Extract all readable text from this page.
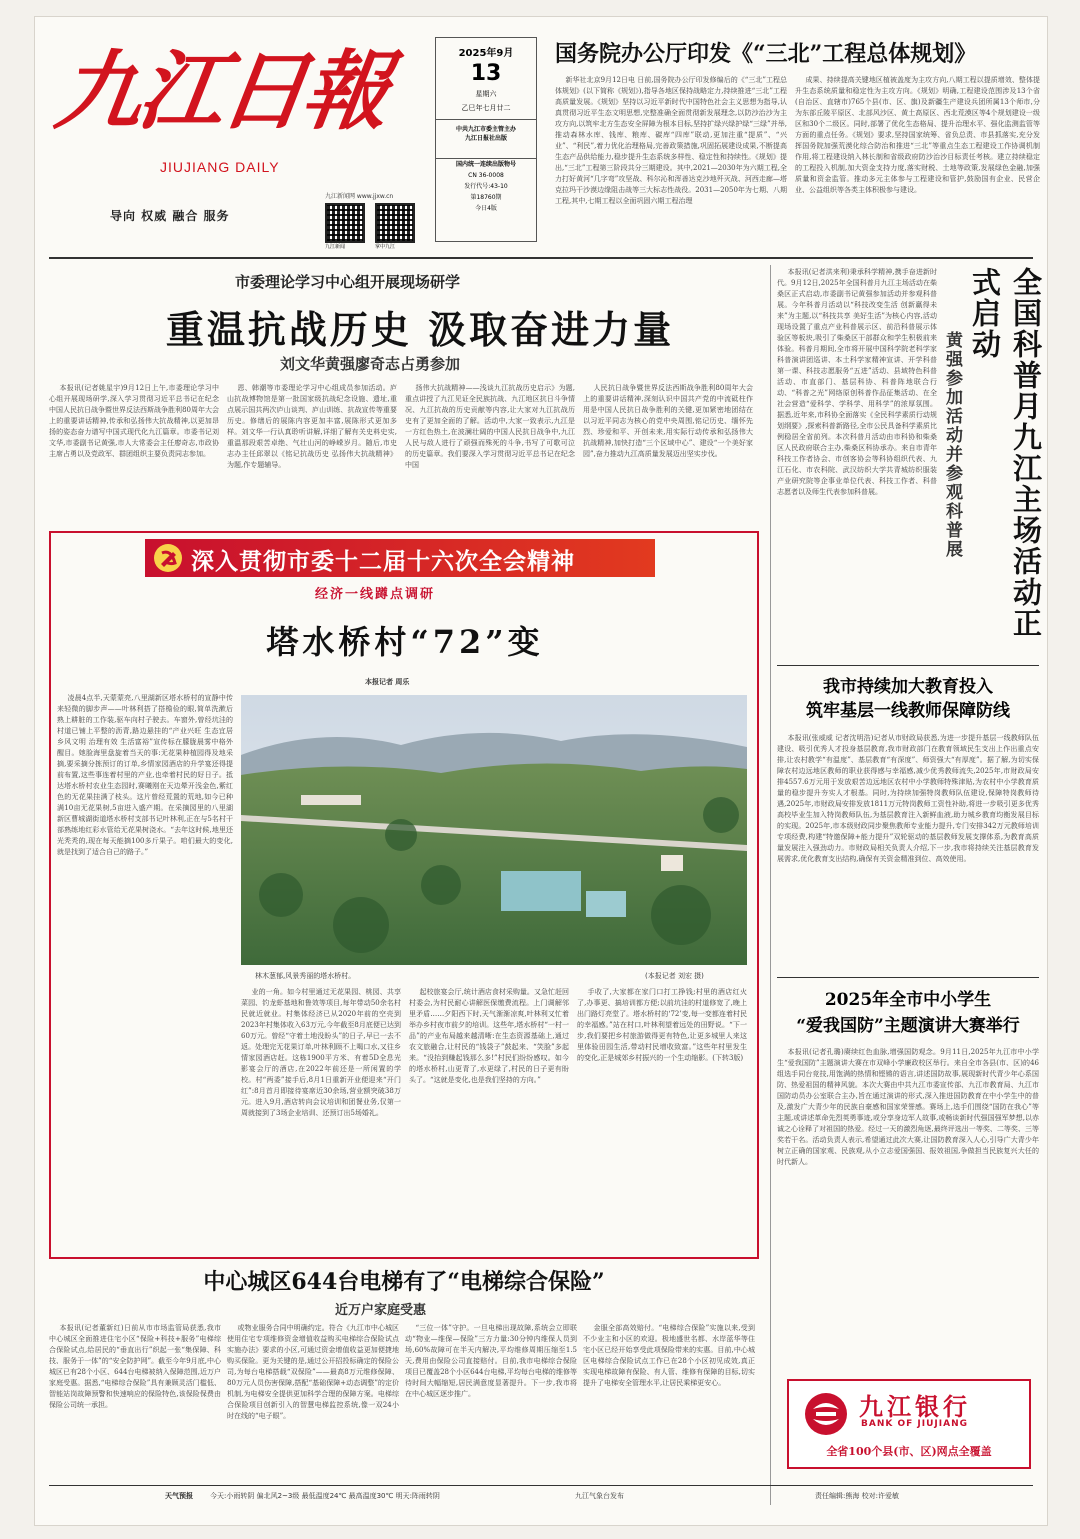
九江日報
JIUJIANG DAILY
导向 权威 融合 服务
2025年9月
13
星期六
乙巳年七月廿二
中共九江市委主管主办
九江日报社出版
国内统一连续出版物号
CN 36-0008
发行代号:43-10
第18760期
今日4版
九江新闻网 www.jjxw.cn
九江新闻	掌中九江
国务院办公厅印发《“三北”工程总体规划》
新华社北京9月12日电 日前,国务院办公厅印发修编后的《“三北”工程总体规划》(以下简称《规划》),指导各地区保持战略定力,持续推进“三北”工程高质量发展。《规划》坚持以习近平新时代中国特色社会主义思想为指导,认真贯彻习近平生态文明思想,完整准确全面贯彻新发展理念,以防沙治沙为主攻方向,以筑牢北方生态安全屏障为根本目标,坚持扩绿兴绿护绿“三绿”并举,推动森林水库、钱库、粮库、碳库“四库”联动,更加注重“提质”、“兴业”、“利民”,着力优化治理格局,完善政策措施,巩固拓展建设成果,不断提高生态产品供给能力,稳步提升生态系统多样性、稳定性和持续性。《规划》提出,“三北”工程第三阶段共分三期建设。其中,2021—2030年为六期工程,全力打好黄河“几字弯”攻坚战、科尔沁和浑善达克沙地歼灭战、河西走廊—塔克拉玛干沙漠边缘阻击战等三大标志性战役。2031—2050年为七期、八期工程,其中,七期工程以全面巩固六期工程治理
成果、持续提高关键地区植被盖度为主攻方向,八期工程以提质增效、整体提升生态系统质量和稳定性为主攻方向。《规划》明确,工程建设范围涉及13个省(自治区、直辖市)765个县(市、区、旗)及新疆生产建设兵团所属13个师市,分为东部丘陵平原区、北部风沙区、黄土高原区、西北荒漠区等4个规划建设一级区和30个二级区。同时,部署了优化生态格局、提升治理水平、强化监测监管等方面的重点任务。《规划》要求,坚持国家统筹、省负总责、市县抓落实,充分发挥国务院加强荒漠化综合防治和推进“三北”等重点生态工程建设工作协调机制作用,将工程建设纳入林长制和省级政府防沙治沙目标责任考核。建立持续稳定的工程投入机制,加大资金支持力度,落实财税、土地等政策,发展绿色金融,加强质量和资金监管。推动多元主体参与工程建设和管护,鼓励国有企业、民营企业、公益组织等各类主体积极参与建设。
市委理论学习中心组开展现场研学
重温抗战历史 汲取奋进力量
刘文华黄强廖奇志占勇参加
本报讯(记者姚星宇)9月12日上午,市委理论学习中心组开展现场研学,深入学习贯彻习近平总书记在纪念中国人民抗日战争暨世界反法西斯战争胜利80周年大会上的重要讲话精神,传承和弘扬伟大抗战精神,以更加昂扬的姿态奋力谱写中国式现代化九江篇章。市委书记刘文华,市委副书记黄强,市人大常委会主任廖奇志,市政协主席占勇以及党政军、群团组织主要负责同志参加。
恩、韩潮等市委理论学习中心组成员参加活动。庐山抗战博物馆是第一批国家级抗战纪念设施、遗址,重点展示国共两次庐山谈判、庐山训练、抗战宣传等重要历史。修缮后的展陈内容更加丰富,展陈形式更加多样。刘文华一行认真聆听讲解,详细了解有关史料史实,重温那段艰苦卓绝、气壮山河的峥嵘岁月。随后,市史志办主任邱翠以《铭记抗战历史 弘扬伟大抗战精神》为题,作专题辅导。
扬伟大抗战精神——浅谈九江抗战历史启示》为题,重点讲授了九江见证全民族抗战、九江地区抗日斗争情况、九江抗战的历史贡献等内容,让大家对九江抗战历史有了更加全面的了解。活动中,大家一致表示,九江是一方红色热土,在波澜壮阔的中国人民抗日战争中,九江人民与敌人进行了顽强而殊死的斗争,书写了可歌可泣的历史篇章。我们要深入学习贯彻习近平总书记在纪念中国
人民抗日战争暨世界反法西斯战争胜利80周年大会上的重要讲话精神,深刻认识中国共产党的中流砥柱作用是中国人民抗日战争胜利的关键,更加紧密地团结在以习近平同志为核心的党中央周围,铭记历史、缅怀先烈、珍爱和平、开创未来,用实际行动传承和弘扬伟大抗战精神,加快打造“三个区域中心”、建设“一个美好家园”,奋力推动九江高质量发展迈出坚实步伐。
本报讯(记者洪来利)秉承科学精神,携手奋进新时代。9月12日,2025年全国科普月九江主场活动在柴桑区正式启动,市委副书记黄强参加活动并参观科普展。今年科普月活动以“科技改变生活 创新赢得未来”为主题,以“科技共享 美好生活”为核心内容,活动现场设置了重点产业科普展示区、前沿科普展示体验区等板块,吸引了柴桑区干部群众和学生积极前来体验。科普月期间,全市将开展中国科学院老科学家科普演讲团巡讲、本土科学家精神宣讲、开学科普第一课、科技志愿服务“五进”活动、县域特色科普活动、市直部门、基层科协、科普阵地联合行动、“科普之光”网络原创科普作品征集活动、在全社会营造“爱科学、学科学、用科学”的浓厚氛围。据悉,近年来,市科协全面落实《全民科学素质行动规划纲要》,探索科普新路径,全市公民具备科学素质比例稳居全省前列。本次科普月活动由市科协和柴桑区人民政府联合主办,柴桑区科协承办。来自市青年科技工作者协会、市创客协会等科协组织代表、九江石化、市农科院、武汉纺织大学共青城纺织服装产业研究院等企事业单位代表、科技工作者、科普志愿者以及师生代表参加科普展。	全国科普月九江主场活动正式启动
黄强参加活动并参观科普展
我市持续加大教育投入
筑牢基层一线教师保障防线
本报讯(张威威 记者沈明浩)记者从市财政局获悉,为进一步提升基层一线教师队伍建设、吸引优秀人才投身基层教育,我市财政部门在教育领域民生支出上作出重点安排,让农村教学“有温度”、基层教育“有深度”、师资强大“有厚度”。据了解,为切实保障农村边远地区教师的职业获得感与幸福感,减少优秀教师流失,2025年,市财政局安排4557.6万元用于发放艰苦边远地区农村中小学教师特殊津贴,为农村中小学教育质量的稳步提升夯实人才根基。同时,为持续加强特岗教师队伍建设,保障特岗教师待遇,2025年,市财政局安排发放1811万元特岗教师工资性补助,将进一步吸引更多优秀高校毕业生加入特岗教师队伍,为基层教育注入新鲜血液,助力城乡教育均衡发展目标的实现。2025年,市本级财政同步聚焦教师专业能力提升,专门安排342万元教师培训专项经费,构建“特邀保障+能力提升”双轮驱动的基层教师发展支撑体系,为教育高质量发展注入强劲动力。市财政局相关负责人介绍,下一步,我市将持续关注基层教育发展需求,优化教育支出结构,确保有关资金精准到位、高效使用。
2025年全市中小学生
“爱我国防”主题演讲大赛举行
本报讯(记者孔璐)赓续红色血脉,增强国防观念。9月11日,2025年九江市中小学生“爱我国防”主题演讲大赛在市双峰小学廉政校区举行。来自全市各县(市、区)的46组选手同台竞技,用饱满的热情和铿锵的语言,讲述国防故事,展现新时代青少年心系国防、热爱祖国的精神风貌。本次大赛由中共九江市委宣传部、九江市教育局、九江市国防动员办公室联合主办,旨在通过演讲的形式,深入推进国防教育在中小学生中的普及,激发广大青少年的民族自豪感和国家荣誉感。赛场上,选手们围绕“国防在我心”等主题,或讲述革命先烈英勇事迹,或分享身边军人故事,或畅谈新时代强国强军梦想,以赤诚之心诠释了对祖国的热爱。经过一天的激烈角逐,最终评选出一等奖、二等奖、三等奖若干名。活动负责人表示,希望通过此次大赛,让国防教育深入人心,引导广大青少年树立正确的国家观、民族观,从小立志爱国强国、报效祖国,争做担当民族复兴大任的时代新人。
九江银行
BANK OF JIUJIANG
全省100个县(市、区)网点全覆盖
深入贯彻市委十二届十六次全会精神
经济一线蹲点调研
塔水桥村“72”变
本报记者 周乐
凌晨4点半,天蒙蒙亮,八里湖新区塔水桥村的宣静中传来轻微的脚步声——叶林利搭了搭檐俭的眼,简单洗漱后熟上耕脏的工作装,驱车向村子驶去。车窗外,曾经坑洼的村道已铺上平整的沥青,路边悬挂的“产业兴旺 生态宜居 乡风文明 治理有效 生活富裕”宣传标在朦胧晨雾中格外醒目。她脸海里盘旋着当天的事:无花果种植园得及地采摘,要采摘分拣预订的订单,乡情家园酒店的升学宴还得提前布置,这些事连着村里的产业,也牵着村民的好日子。抵达塔水桥村农业生态园时,赛曦刚在天边晕开浅金色,紫红色的无花果挂满了枝头。这片曾经荒置的荒地,如今已种满10亩无花果树,5亩进入盛产期。在采摘园里的八里湖新区曹城湖街道塔水桥村支部书记叶林利,正在与5名村干部熟练地红彩水管给无花果树浇水。“去年这时候,地里还光秃秃的,现在每天能摘100多斤果子。咱们最大的变化,就是找到了适合自己的路子。”
林木葱郁,风景秀丽的塔水桥村。	(本报记者 刘宏 摄)
业的一角。如今村里通过无花果园、桃园、共享菜园、钓龙虾基地和鲁效等项目,每年带动50余名村民就近就业。村集体经济已从2020年前的空壳到2023年村集体收入63万元,今年截至8月底便已达到60万元。曾经“守着土地没盼头”的日子,早已一去不返。处理完无花果订单,叶林利顾不上喝口水,又往乡情家园酒店赶。这栋1900平方米、有着5D全息光影宴会厅的酒店,在2022年前还是一所闲置的学校。村“两委”接手后,8月1日重新开业便迎来“开门红”:8月首月即接待宴席近30余场,营业额突破38万元。进入9月,酒店转向会议培训和团餐业务,仅第一周就接到了3场企业培训、还预订出5场婚礼。
起校旅宴会厅,统计酒店食材采购量。又急忙赶回村委会,为村民耐心讲解医保缴费流程。上门调解邻里矛盾……夕阳西下时,天气渐渐凉爽,叶林利又忙着举办乡村夜市前夕的培训。这些年,塔水桥村“一村一品”的产业布局越来越清晰:在生态资源基础上,通过农文旅融合,让村民的“钱袋子”鼓起来、“笑脸”多起来。“没抬到赚起钱那么多!”村民们纷纷感叹。如今的塔水桥村,山更青了,水更绿了,村民的日子更有盼头了。“这就是变化,也是我们坚持的方向。”
手收了,大家都在家门口打工挣钱;村里的酒店红火了,办事更、搞培训都方便;以前坑洼的村道修宽了,晚上出门路灯亮堂了。塔水桥村的‘72’变,每一变都连着村民的幸福感。”站在村口,叶林利望着远处的田野说。“下一步,我们要把乡村旅游做得更有特色,让更多城里人来这里体验田园生活,带动村民增收致富。”这些年村里发生的变化,正是城郊乡村振兴的一个生动缩影。(下转3版)
中心城区644台电梯有了“电梯综合保险”
近万户家庭受惠
本报讯(记者董新红)日前从市市场监管局获悉,我市中心城区全面推进住宅小区“保险+科技+服务”电梯综合保险试点,给居民的“垂直出行”织起一张“集保障、科技、服务于一体”的“安全防护网”。截至今年9月底,中心城区已有28个小区、644台电梯被纳入保障范围,近万户家庭受惠。据悉,“电梯综合保险”具有兼顾灵活门槛低、智能站岗故障预警和快速响应的保险特色,该保险保费由保险公司统一承担。
或物业服务合同中明确约定。符合《九江市中心城区使用住宅专项维修资金增值收益购买电梯综合保险试点实施办法》要求的小区,可通过资金增值收益更加便捷地购买保险。更为关键的是,通过公开招投标确定的保险公司,为每台电梯搭载“双保险”——最高8万元维修保障、80万元人员伤害保障,搭配“基础保障+动态调整”的定价机制,为电梯安全提供更加科学合理的保障方案。电梯综合保险项目创新引入的智慧电梯监控系统,像一双24小时在线的“电子眼”。
“三位一体”守护。一旦电梯出现故障,系统会立即联动“物业—维保—保险”三方力量:30分钟内维保人员到场,60%故障可在半天内解决,平均维修周期压缩至1.5天,费用由保险公司直接赔付。目前,我市电梯综合保险项目已覆盖28个小区644台电梯,平均每台电梯的维修等待时间大幅缩短,居民满意度显著提升。下一步,我市将在中心城区逐步推广。
金服全部高效赔付。“电梯综合保险”实施以来,受到不少业主和小区的欢迎。极地盛世名都、水岸蓝华等住宅小区已经开始享受此项保险带来的实惠。目前,中心城区电梯综合保险试点工作已在28个小区初见成效,真正实现电梯故障有保险、有人管、维修有保障的目标,切实提升了电梯安全管理水平,让居民乘梯更安心。
天气预报 今天:小雨转阴 偏北风2~3级 最低温度24℃ 最高温度30℃ 明天:阵雨转阴	九江气象台发布	责任编辑:熊海 校对:许爱敏
